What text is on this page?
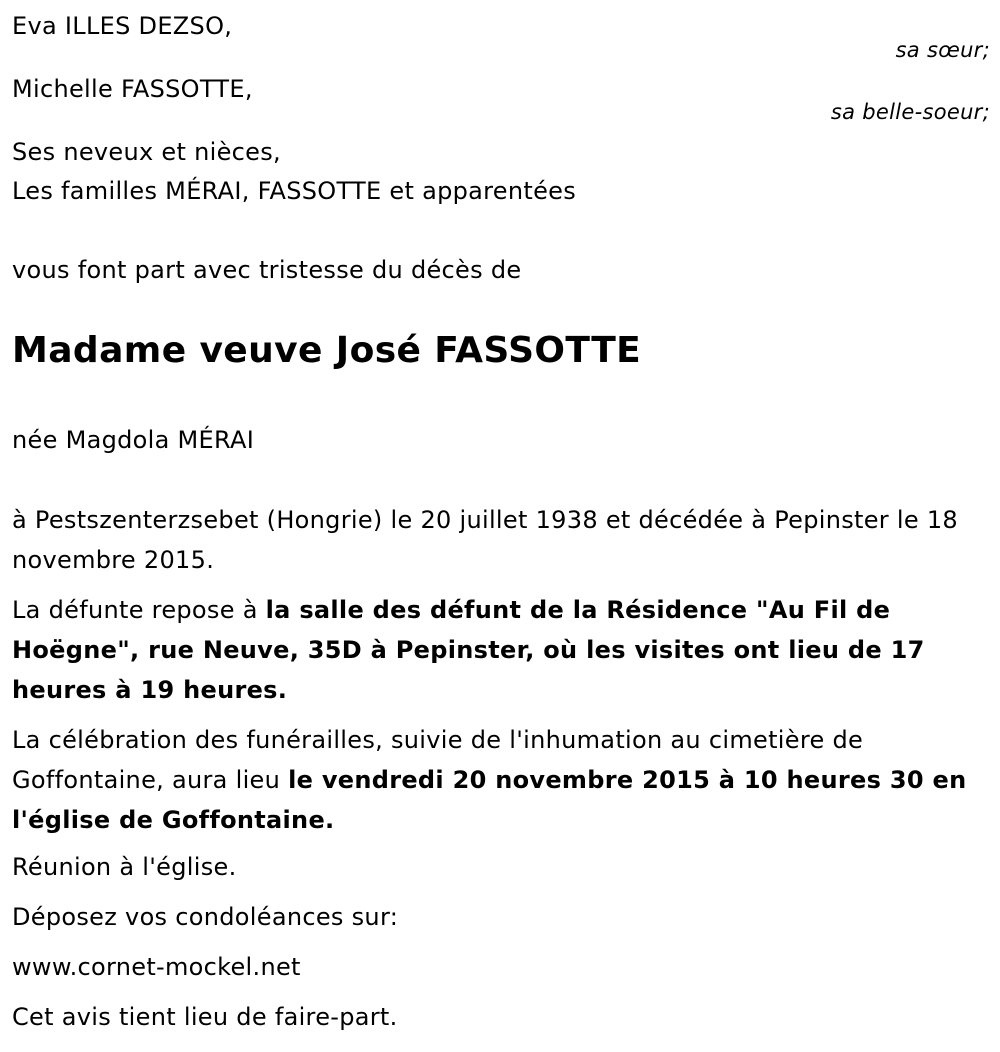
Eva ILLES DEZSO,
sa sœur;
Michelle FASSOTTE,
sa belle-soeur;
Ses neveux et nièces,
Les familles MÉRAI, FASSOTTE et apparentées
vous font part avec tristesse du décès de
Madame veuve José FASSOTTE
née Magdola MÉRAI
à Pestszenterzsebet (Hongrie) le 20 juillet 1938 et décédée à Pepinster le 18 novembre 2015.
La défunte repose à la salle des défunt de la Résidence "Au Fil de Hoëgne", rue Neuve, 35D à Pepinster, où les visites ont lieu de 17 heures à 19 heures.
La célébration des funérailles, suivie de l'inhumation au cimetière de Goffontaine, aura lieu le vendredi 20 novembre 2015 à 10 heures 30 en l'église de Goffontaine.
Réunion à l'église.
Déposez vos condoléances sur:
www.cornet-mockel.net
Cet avis tient lieu de faire-part.
